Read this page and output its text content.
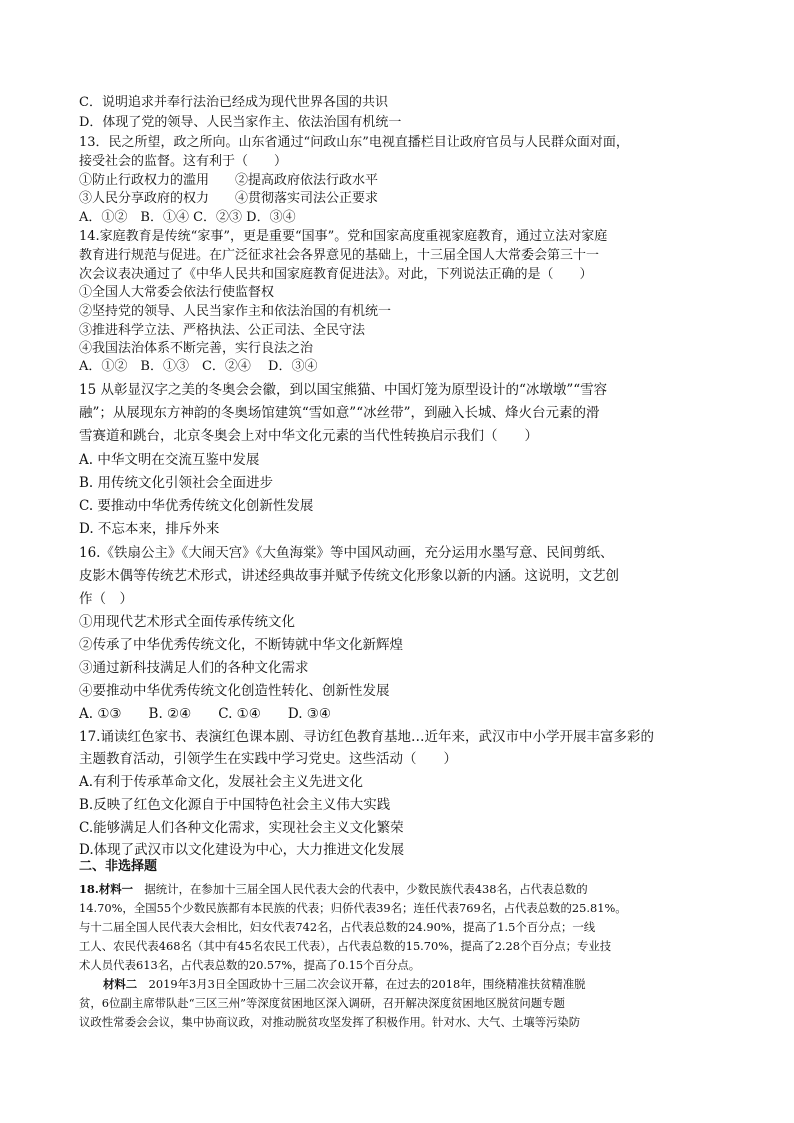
C．说明追求并奉行法治已经成为现代世界各国的共识
D．体现了党的领导、人民当家作主、依法治国有机统一
13．民之所望，政之所向。山东省通过“问政山东”电视直播栏目让政府官员与人民群众面对面，
接受社会的监督。这有利于（　　）
①防止行政权力的滥用　　②提高政府依法行政水平
③人民分享政府的权力　　④贯彻落实司法公正要求
A．①②　B．①④ C．②③ D．③④
14.家庭教育是传统“家事”，更是重要“国事”。党和国家高度重视家庭教育，通过立法对家庭
教育进行规范与促进。在广泛征求社会各界意见的基础上，十三届全国人大常委会第三十一
次会议表决通过了《中华人民共和国家庭教育促进法》。对此，下列说法正确的是（　　）
①全国人大常委会依法行使监督权
②坚持党的领导、人民当家作主和依法治国的有机统一
③推进科学立法、严格执法、公正司法、全民守法
④我国法治体系不断完善，实行良法之治
A．①②　B．①③　C．②④　 D．③④
15 从彰显汉字之美的冬奥会会徽，到以国宝熊猫、中国灯笼为原型设计的“冰墩墩”“雪容
融”；从展现东方神韵的冬奥场馆建筑“雪如意”“冰丝带”，到融入长城、烽火台元素的滑
雪赛道和跳台，北京冬奥会上对中华文化元素的当代性转换启示我们（　　）
A. 中华文明在交流互鉴中发展
B. 用传统文化引领社会全面进步
C. 要推动中华优秀传统文化创新性发展
D. 不忘本来，排斥外来
16.《铁扇公主》《大闹天宫》《大鱼海棠》等中国风动画，充分运用水墨写意、民间剪纸、
皮影木偶等传统艺术形式，讲述经典故事并赋予传统文化形象以新的内涵。这说明，文艺创
作（　）
①用现代艺术形式全面传承传统文化
②传承了中华优秀传统文化，不断铸就中华文化新辉煌
③通过新科技满足人们的各种文化需求
④要推动中华优秀传统文化创造性转化、创新性发展
A. ①③　　B. ②④　　C. ①④　　D. ③④
17.诵读红色家书、表演红色课本剧、寻访红色教育基地…近年来，武汉市中小学开展丰富多彩的
主题教育活动，引领学生在实践中学习党史。这些活动（　　）
A.有利于传承革命文化，发展社会主义先进文化
B.反映了红色文化源自于中国特色社会主义伟大实践
C.能够满足人们各种文化需求，实现社会主义文化繁荣
D.体现了武汉市以文化建设为中心，大力推进文化发展
二、非选择题
18.材料一　据统计，在参加十三届全国人民代表大会的代表中，少数民族代表438名，占代表总数的
14.70%，全国55个少数民族都有本民族的代表；归侨代表39名；连任代表769名，占代表总数的25.81%。
与十二届全国人民代表大会相比，妇女代表742名，占代表总数的24.90%，提高了1.5个百分点；一线
工人、农民代表468名（其中有45名农民工代表），占代表总数的15.70%，提高了2.28个百分点；专业技
术人员代表613名，占代表总数的20.57%，提高了0.15个百分点。
材料二　2019年3月3日全国政协十三届二次会议开幕，在过去的2018年，围绕精准扶贫精准脱
贫，6位副主席带队赴“三区三州”等深度贫困地区深入调研，召开解决深度贫困地区脱贫问题专题
议政性常委会会议，集中协商议政，对推动脱贫攻坚发挥了积极作用。针对水、大气、土壤等污染防
